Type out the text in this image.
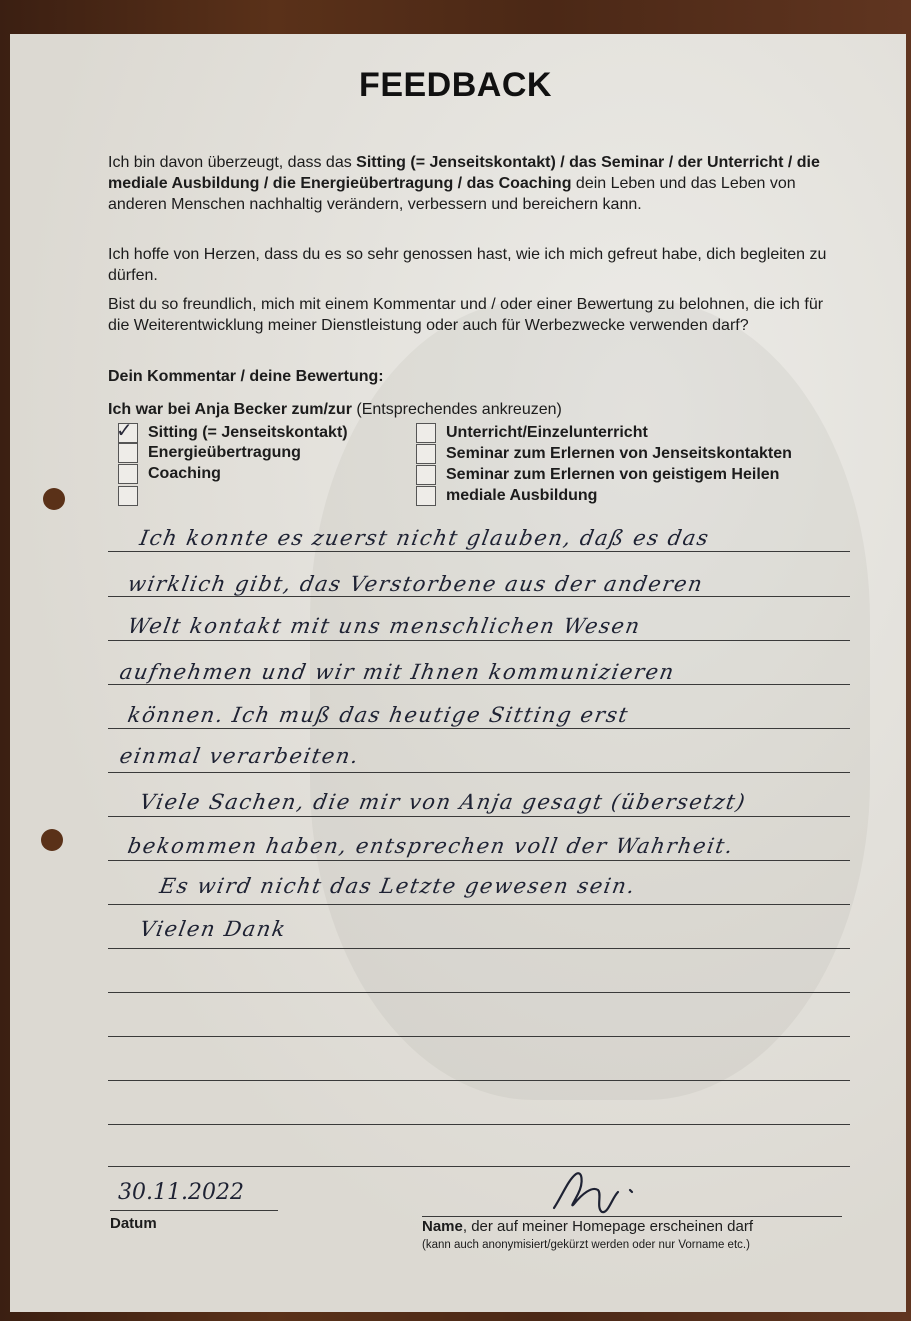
FEEDBACK

Ich bin davon überzeugt, dass das Sitting (= Jenseitskontakt) / das Seminar / der Unterricht / die mediale Ausbildung / die Energieübertragung / das Coaching dein Leben und das Leben von anderen Menschen nachhaltig verändern, verbessern und bereichern kann.

Ich hoffe von Herzen, dass du es so sehr genossen hast, wie ich mich gefreut habe, dich begleiten zu dürfen.

Bist du so freundlich, mich mit einem Kommentar und / oder einer Bewertung zu belohnen, die ich für die Weiterentwicklung meiner Dienstleistung oder auch für Werbezwecke verwenden darf?

Dein Kommentar / deine Bewertung:
Ich war bei Anja Becker zum/zur (Entsprechendes ankreuzen)
✓ Sitting (= Jenseitskontakt)
Energieübertragung
Coaching
Unterricht/Einzelunterricht
Seminar zum Erlernen von Jenseitskontakten
Seminar zum Erlernen von geistigem Heilen
mediale Ausbildung
Ich konnte es zuerst nicht glauben, daß es das
wirklich gibt, das Verstorbene aus der anderen
Welt kontakt mit uns menschlichen Wesen
aufnehmen und wir mit Ihnen kommunizieren
können. Ich muß das heutige Sitting erst
einmal verarbeiten.
Viele Sachen, die mir von Anja gesagt (übersetzt)
bekommen haben, entsprechen voll der Wahrheit.
Es wird nicht das Letzte gewesen sein.
Vielen Dank
30.11.2022
Datum	Name, der auf meiner Homepage erscheinen darf
(kann auch anonymisiert/gekürzt werden oder nur Vorname etc.)
